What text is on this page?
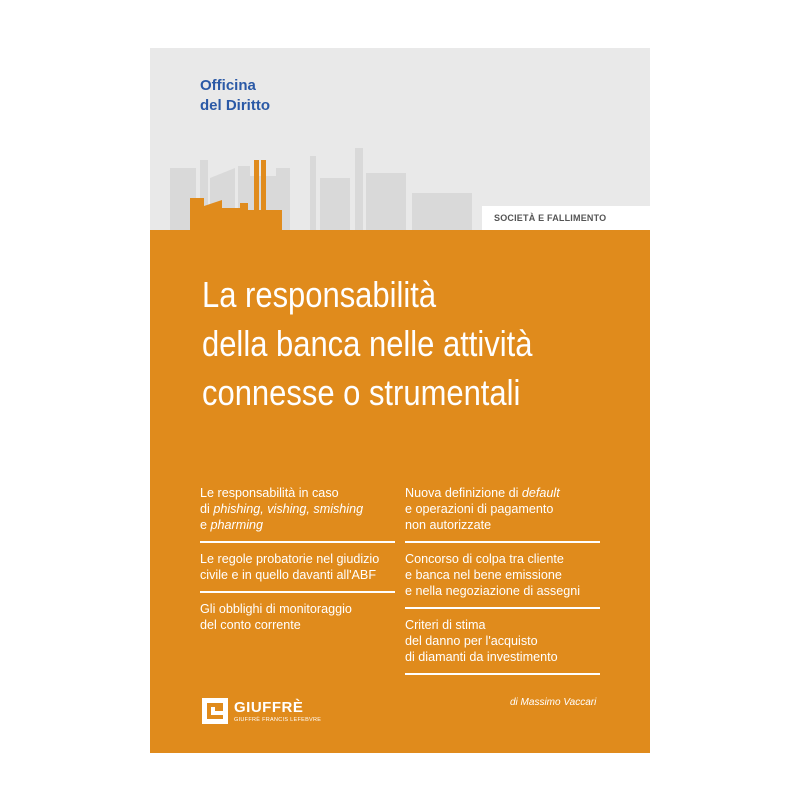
Officina
del Diritto
SOCIETÀ E FALLIMENTO
La responsabilità
della banca nelle attività
connesse o strumentali
Le responsabilità in caso
di phishing, vishing, smishing
e pharming
Le regole probatorie nel giudizio
civile e in quello davanti all'ABF
Gli obblighi di monitoraggio
del conto corrente
Nuova definizione di default
e operazioni di pagamento
non autorizzate
Concorso di colpa tra cliente
e banca nel bene emissione
e nella negoziazione di assegni
Criteri di stima
del danno per l'acquisto
di diamanti da investimento
di Massimo Vaccari
GIUFFRÈ
GIUFFRÈ FRANCIS LEFEBVRE
